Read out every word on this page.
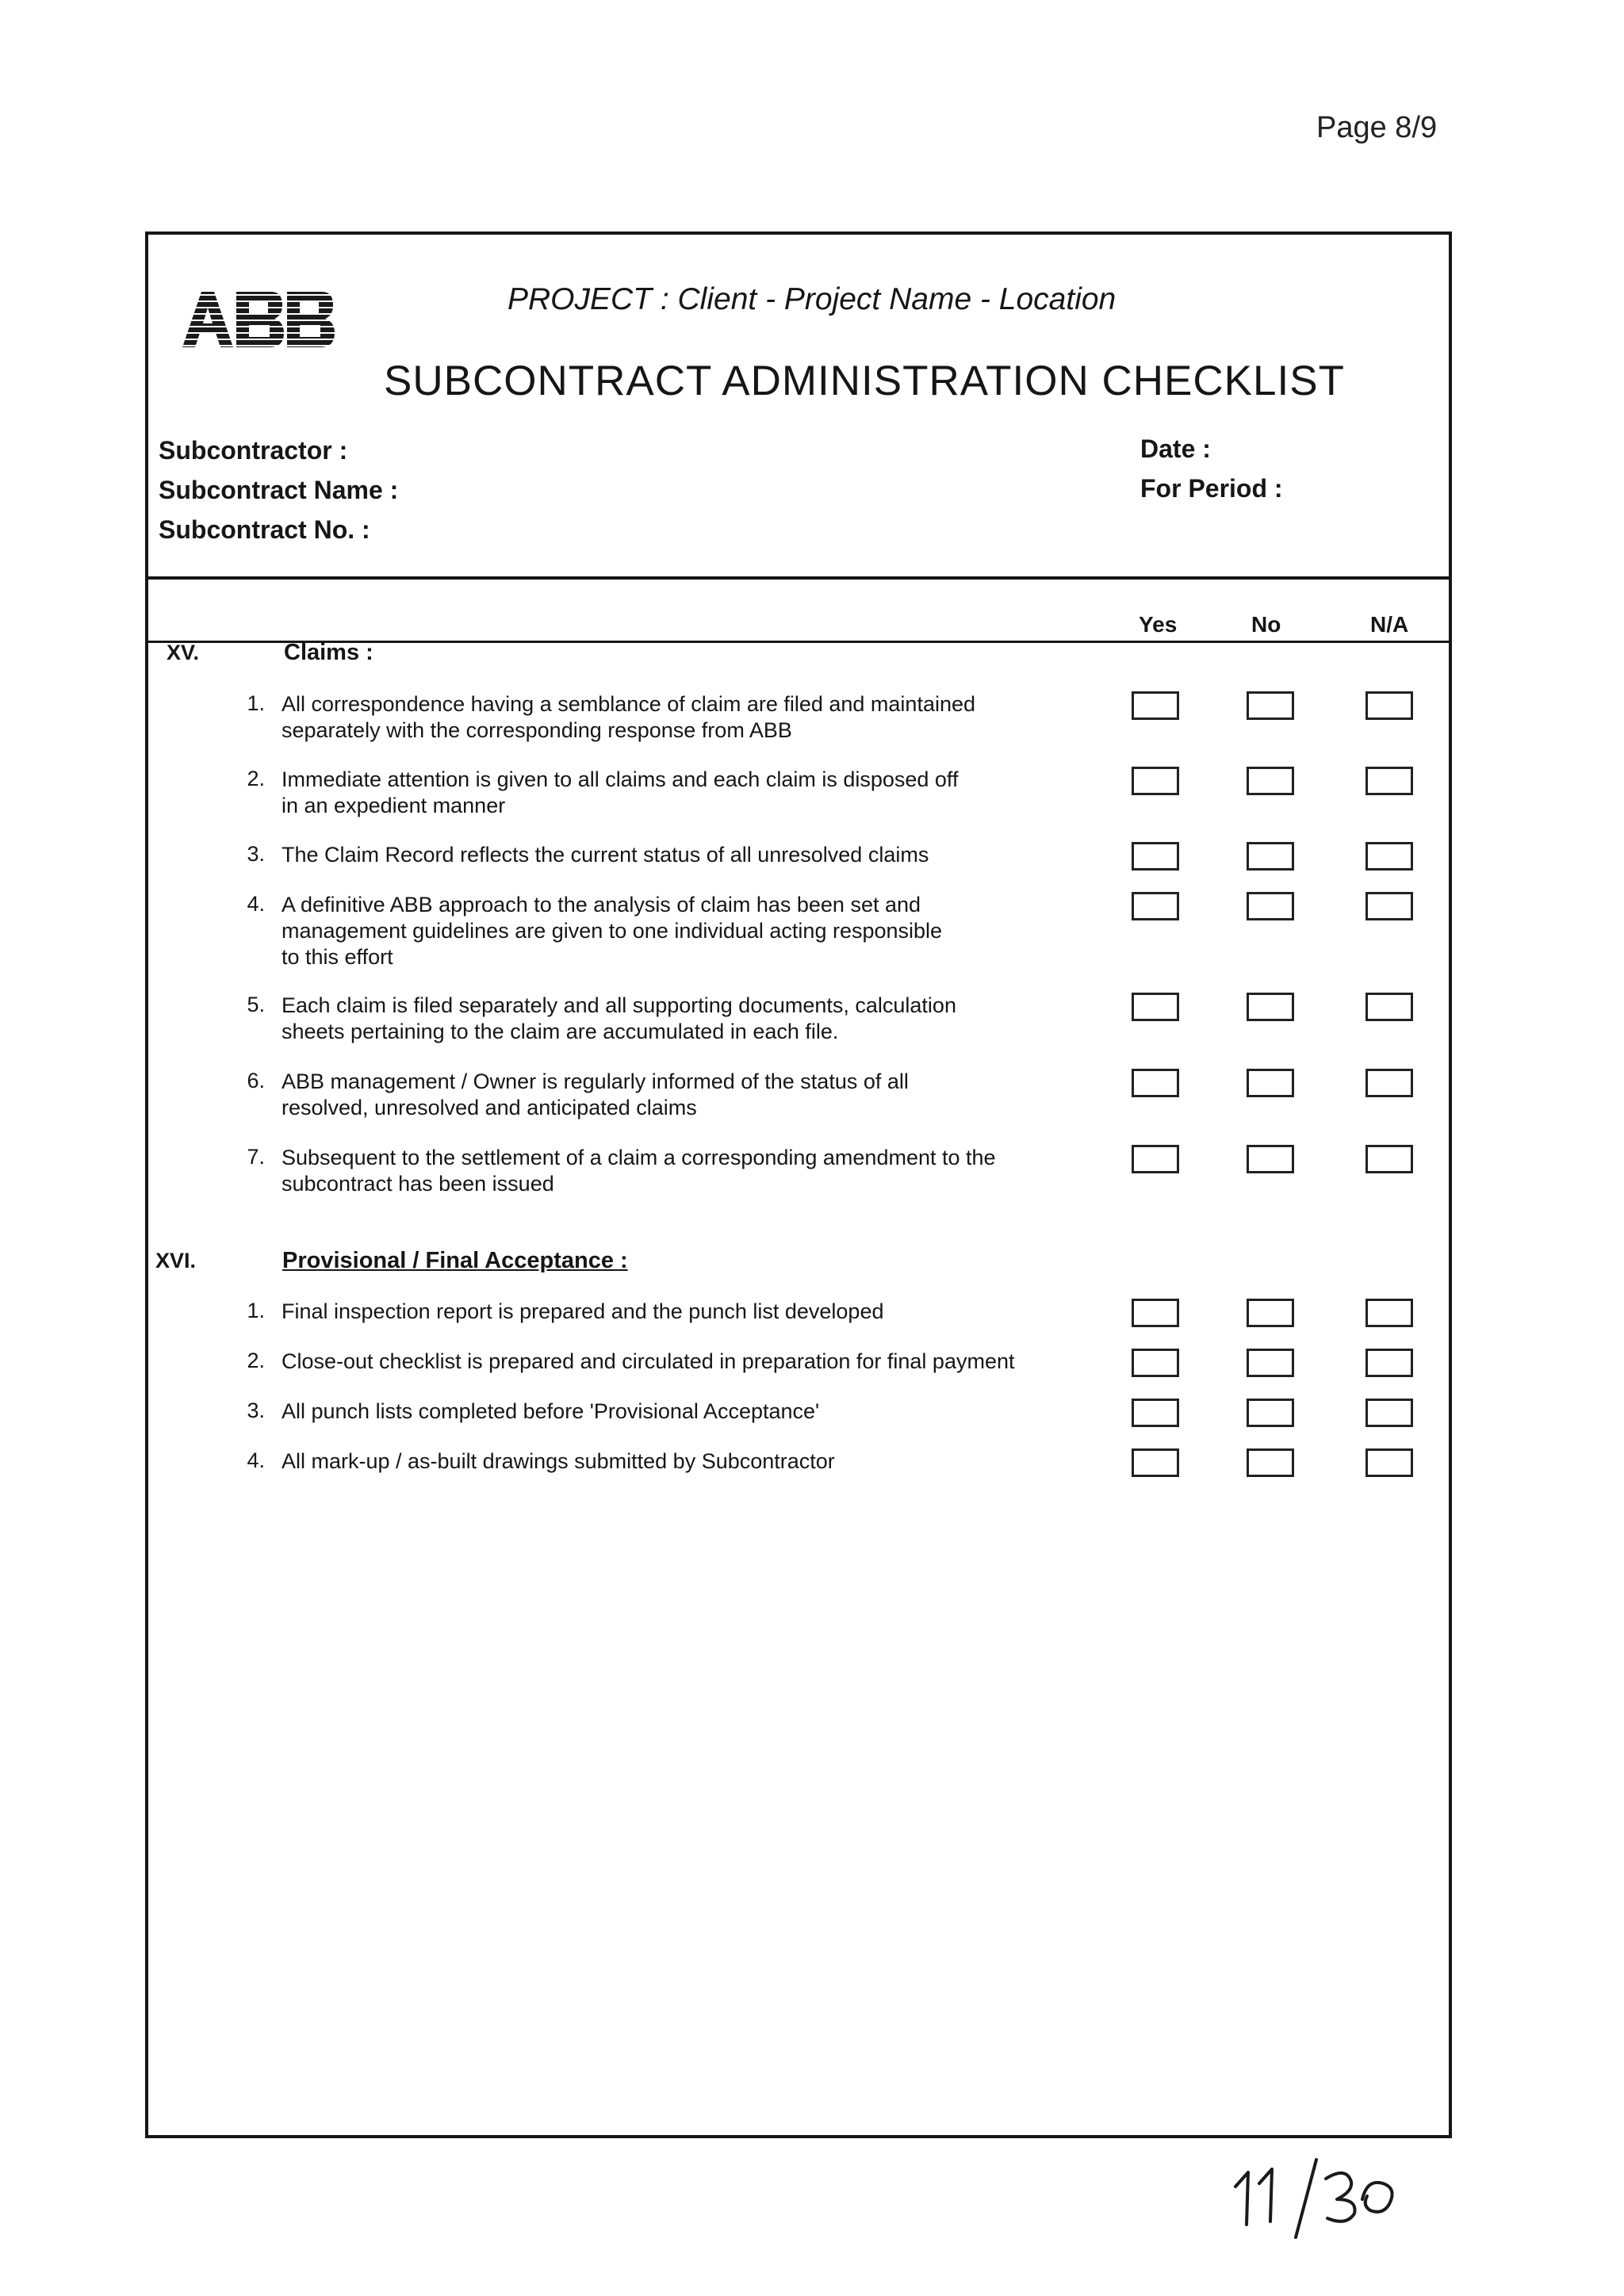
Page 8/9
ABB	PROJECT : Client - Project Name - Location
SUBCONTRACT ADMINISTRATION CHECKLIST
Subcontractor :
Subcontract Name :
Subcontract No. :
Date :
For Period :
Yes	No	N/A
XV.	Claims :
1. All correspondence having a semblance of claim are filed and maintained
separately with the corresponding response from ABB
2. Immediate attention is given to all claims and each claim is disposed off
in an expedient manner
3. The Claim Record reflects the current status of all unresolved claims
4. A definitive ABB approach to the analysis of claim has been set and
management guidelines are given to one individual acting responsible
to this effort
5. Each claim is filed separately and all supporting documents, calculation
sheets pertaining to the claim are accumulated in each file.
6. ABB management / Owner is regularly informed of the status of all
resolved, unresolved and anticipated claims
7. Subsequent to the settlement of a claim a corresponding amendment to the
subcontract has been issued
XVI.	Provisional / Final Acceptance :
1. Final inspection report is prepared and the punch list developed
2. Close-out checklist is prepared and circulated in preparation for final payment
3. All punch lists completed before 'Provisional Acceptance'
4. All mark-up / as-built drawings submitted by Subcontractor
